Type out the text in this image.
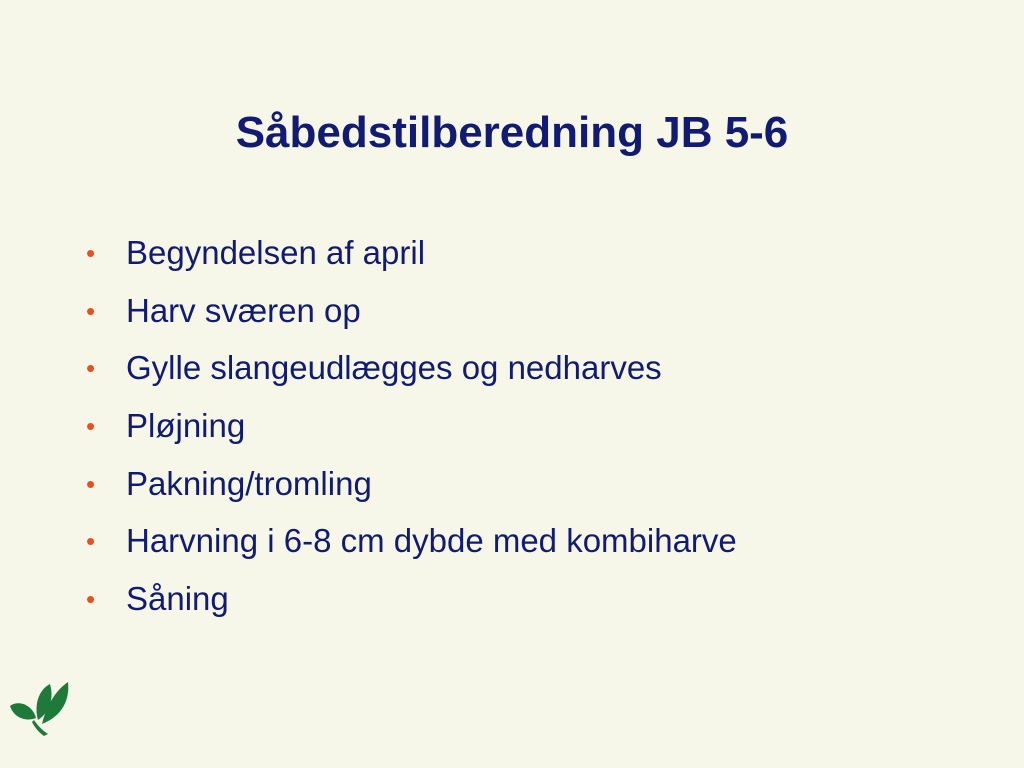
Såbedstilberedning JB 5-6
• Begyndelsen af april
• Harv sværen op
• Gylle slangeudlægges og nedharves
• Pløjning
• Pakning/tromling
• Harvning i 6-8 cm dybde med kombiharve
• Såning
